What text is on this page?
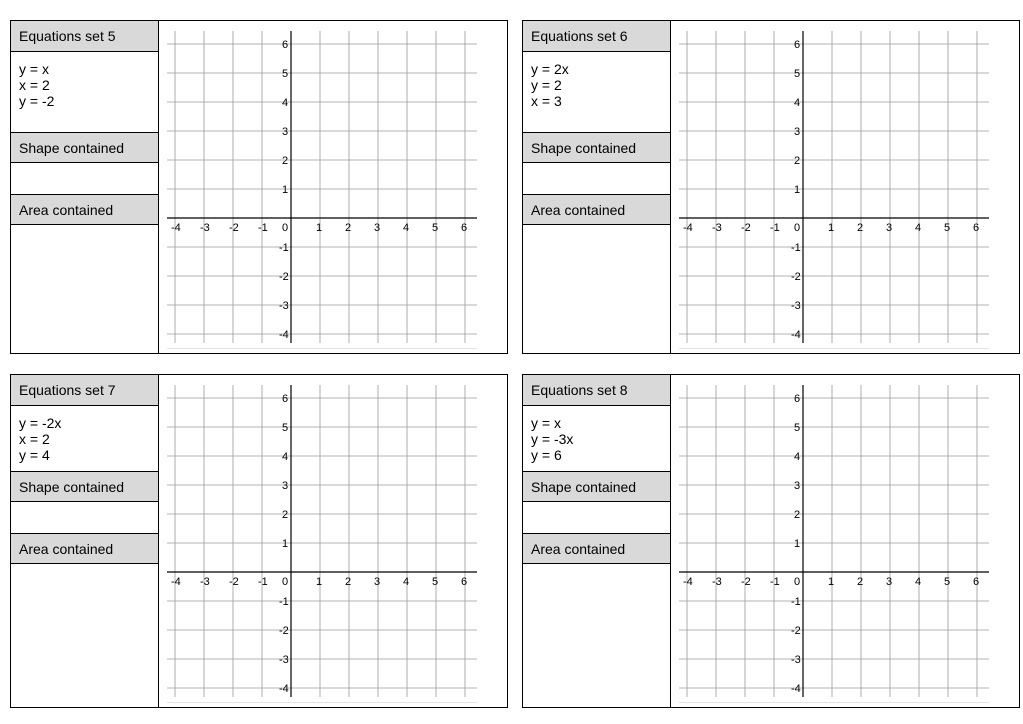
Equations set 5
y = x
x = 2
y = -2
Shape contained
Area contained
-4 -3 -2 -1 0	1 2 3 4 5 6
-4
-3
-2
-1
1
2
3
4
5
6
Equations set 6
y = 2x
y = 2
x = 3
Shape contained
Area contained
-4 -3 -2 -1 0	1 2 3 4 5 6
-4
-3
-2
-1
1
2
3
4
5
6
Equations set 7
y = -2x
x = 2
y = 4
Shape contained
Area contained
-4 -3 -2 -1 0	1 2 3 4 5 6
-4
-3
-2
-1
1
2
3
4
5
6
Equations set 8
y = x
y = -3x
y = 6
Shape contained
Area contained
-4 -3 -2 -1 0	1 2 3 4 5 6
-4
-3
-2
-1
1
2
3
4
5
6
